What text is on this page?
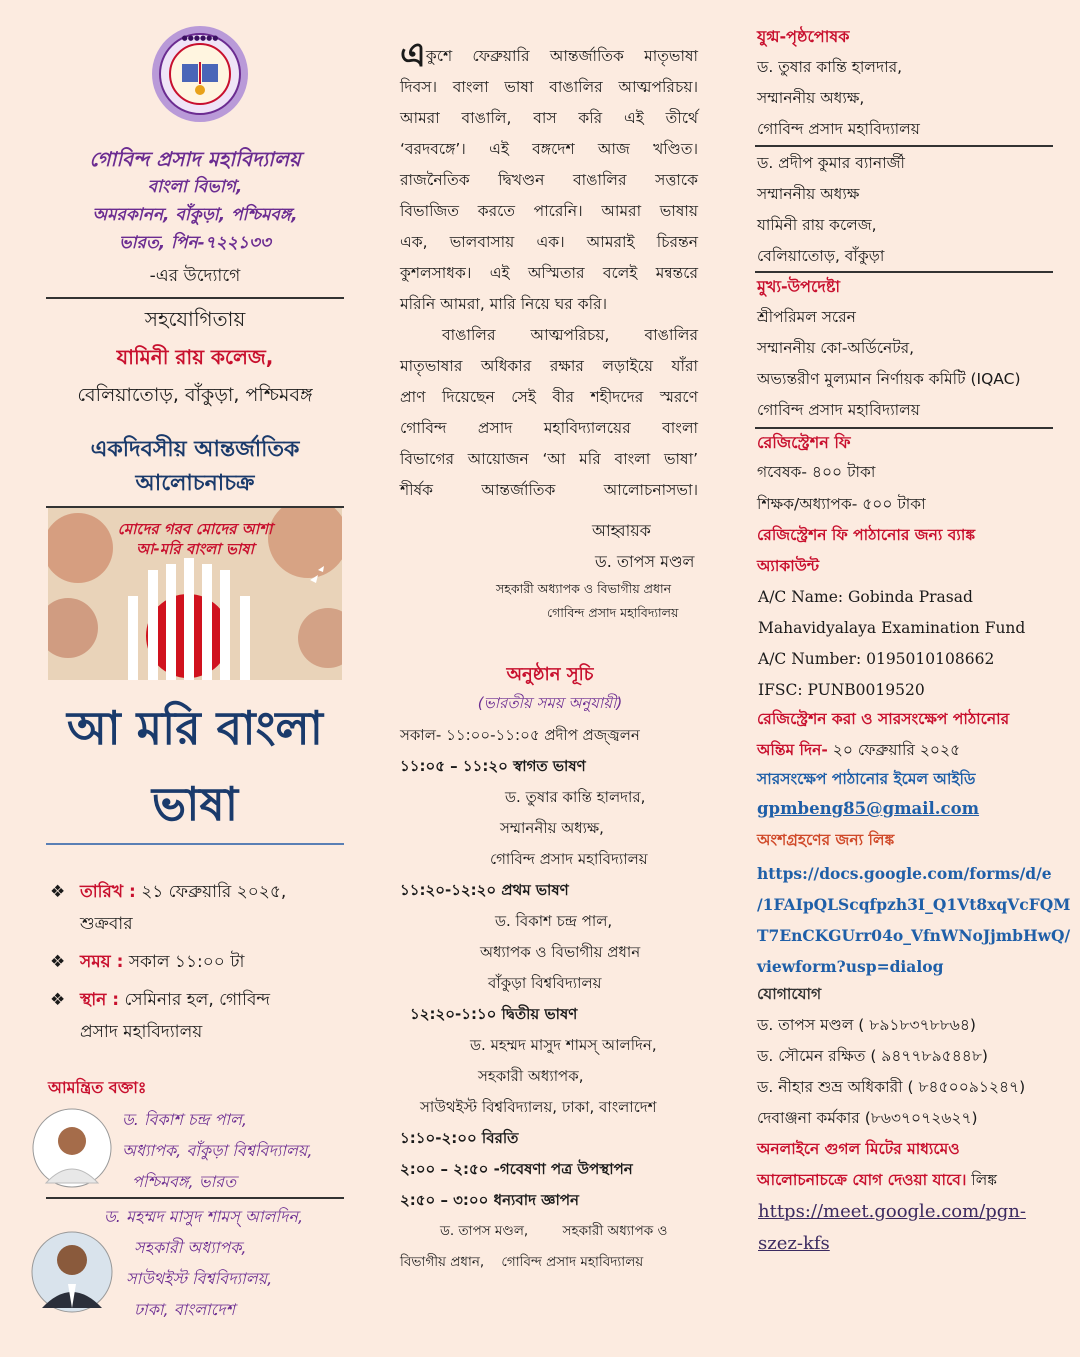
●●●●●●
গোবিন্দ প্রসাদ মহাবিদ্যালয়
বাংলা বিভাগ,
অমরকানন, বাঁকুড়া, পশ্চিমবঙ্গ,
ভারত, পিন-৭২২১৩৩
-এর উদ্যোগে
সহযোগিতায়
যামিনী রায় কলেজ,
বেলিয়াতোড়, বাঁকুড়া, পশ্চিমবঙ্গ
একদিবসীয় আন্তর্জাতিক
আলোচনাচক্র
মোদের গরব মোদের আশা
আ-মরি বাংলা ভাষা
আ মরি বাংলা
ভাষা
❖ তারিখ : ২১ ফেব্রুয়ারি ২০২৫,
শুক্রবার
❖ সময় : সকাল ১১:০০ টা
❖ স্থান : সেমিনার হল, গোবিন্দ
প্রসাদ মহাবিদ্যালয়
আমন্ত্রিত বক্তাঃ
ড. বিকাশ চন্দ্র পাল,
অধ্যাপক, বাঁকুড়া বিশ্ববিদ্যালয়,
পশ্চিমবঙ্গ, ভারত
ড. মহম্মদ মাসুদ শামস্‌ আলদিন,
সহকারী অধ্যাপক,
সাউথইস্ট বিশ্ববিদ্যালয়,
ঢাকা, বাংলাদেশ
এ কুশে ফেব্রুয়ারি আন্তর্জাতিক মাতৃভাষা
দিবস। বাংলা ভাষা বাঙালির আত্মপরিচয়।
আমরা বাঙালি, বাস করি এই তীর্থে
‘বরদবঙ্গে’। এই বঙ্গদেশ আজ খণ্ডিত।
রাজনৈতিক দ্বিখণ্ডন বাঙালির সত্তাকে
বিভাজিত করতে পারেনি। আমরা ভাষায়
এক, ভালবাসায় এক। আমরাই চিরন্তন
কুশলসাধক। এই অস্মিতার বলেই মন্বন্তরে
মরিনি আমরা, মারি নিয়ে ঘর করি।
বাঙালির আত্মপরিচয়, বাঙালির
মাতৃভাষার অধিকার রক্ষার লড়াইয়ে যাঁরা
প্রাণ দিয়েছেন সেই বীর শহীদদের স্মরণে
গোবিন্দ প্রসাদ মহাবিদ্যালয়ের বাংলা
বিভাগের আয়োজন ‘আ মরি বাংলা ভাষা’
শীর্ষক আন্তর্জাতিক আলোচনাসভা।
আহ্বায়ক
ড. তাপস মণ্ডল
সহকারী অধ্যাপক ও বিভাগীয় প্রধান
গোবিন্দ প্রসাদ মহাবিদ্যালয়
অনুষ্ঠান সূচি
(ভারতীয় সময় অনুযায়ী)
সকাল- ১১:০০-১১:০৫ প্রদীপ প্রজ্জ্বলন
১১:০৫ – ১১:২০ স্বাগত ভাষণ
ড. তুষার কান্তি হালদার,
সম্মাননীয় অধ্যক্ষ,
গোবিন্দ প্রসাদ মহাবিদ্যালয়
১১:২০-১২:২০ প্রথম ভাষণ
ড. বিকাশ চন্দ্র পাল,
অধ্যাপক ও বিভাগীয় প্রধান
বাঁকুড়া বিশ্ববিদ্যালয়
১২:২০-১:১০ দ্বিতীয় ভাষণ
ড. মহম্মদ মাসুদ শামস্‌ আলদিন,
সহকারী অধ্যাপক,
সাউথইস্ট বিশ্ববিদ্যালয়, ঢাকা, বাংলাদেশ
১:১০-২:০০ বিরতি
২:০০ – ২:৫০ -গবেষণা পত্র উপস্থাপন
২:৫০ – ৩:০০ ধন্যবাদ জ্ঞাপন
ড. তাপস মণ্ডল,        সহকারী অধ্যাপক ও
বিভাগীয় প্রধান,    গোবিন্দ প্রসাদ মহাবিদ্যালয়
যুগ্ম-পৃষ্ঠপোষক
ড. তুষার কান্তি হালদার,
সম্মাননীয় অধ্যক্ষ,
গোবিন্দ প্রসাদ মহাবিদ্যালয়
ড. প্রদীপ কুমার ব্যানার্জী
সম্মাননীয় অধ্যক্ষ
যামিনী রায় কলেজ,
বেলিয়াতোড়, বাঁকুড়া
মুখ্য-উপদেষ্টা
শ্রীপরিমল সরেন
সম্মাননীয় কো-অর্ডিনেটর,
অভ্যন্তরীণ মুল্যমান নির্ণায়ক কমিটি (IQAC)
গোবিন্দ প্রসাদ মহাবিদ্যালয়
রেজিস্ট্রেশন ফি
গবেষক- ৪০০ টাকা
শিক্ষক/অধ্যাপক- ৫০০ টাকা
রেজিস্ট্রেশন ফি পাঠানোর জন্য ব্যাঙ্ক
অ্যাকাউন্ট
A/C Name: Gobinda Prasad
Mahavidyalaya Examination Fund
A/C Number: 0195010108662
IFSC: PUNB0019520
রেজিস্ট্রেশন করা ও সারসংক্ষেপ পাঠানোর
অন্তিম দিন- ২০ ফেব্রুয়ারি ২০২৫
সারসংক্ষেপ পাঠানোর ইমেল আইডি
gpmbeng85@gmail.com
অংশগ্রহণের জন্য লিঙ্ক
https://docs.google.com/forms/d/e
/1FAIpQLScqfpzh3I_Q1Vt8xqVcFQM
T7EnCKGUrr04o_VfnWNoJjmbHwQ/
viewform?usp=dialog
যোগাযোগ
ড. তাপস মণ্ডল ( ৮৯১৮৩৭৮৮৬৪)
ড. সৌমেন রক্ষিত ( ৯৪৭৭৮৯৫৪৪৮)
ড. নীহার শুভ্র অধিকারী ( ৮৪৫০০৯১২৪৭)
দেবাঞ্জনা কর্মকার (৮৬৩৭০৭২৬২৭)
অনলাইনে গুগল মিটের মাধ্যমেও
আলোচনাচক্রে যোগ দেওয়া যাবে। লিঙ্ক
https://meet.google.com/pgn-
szez-kfs
